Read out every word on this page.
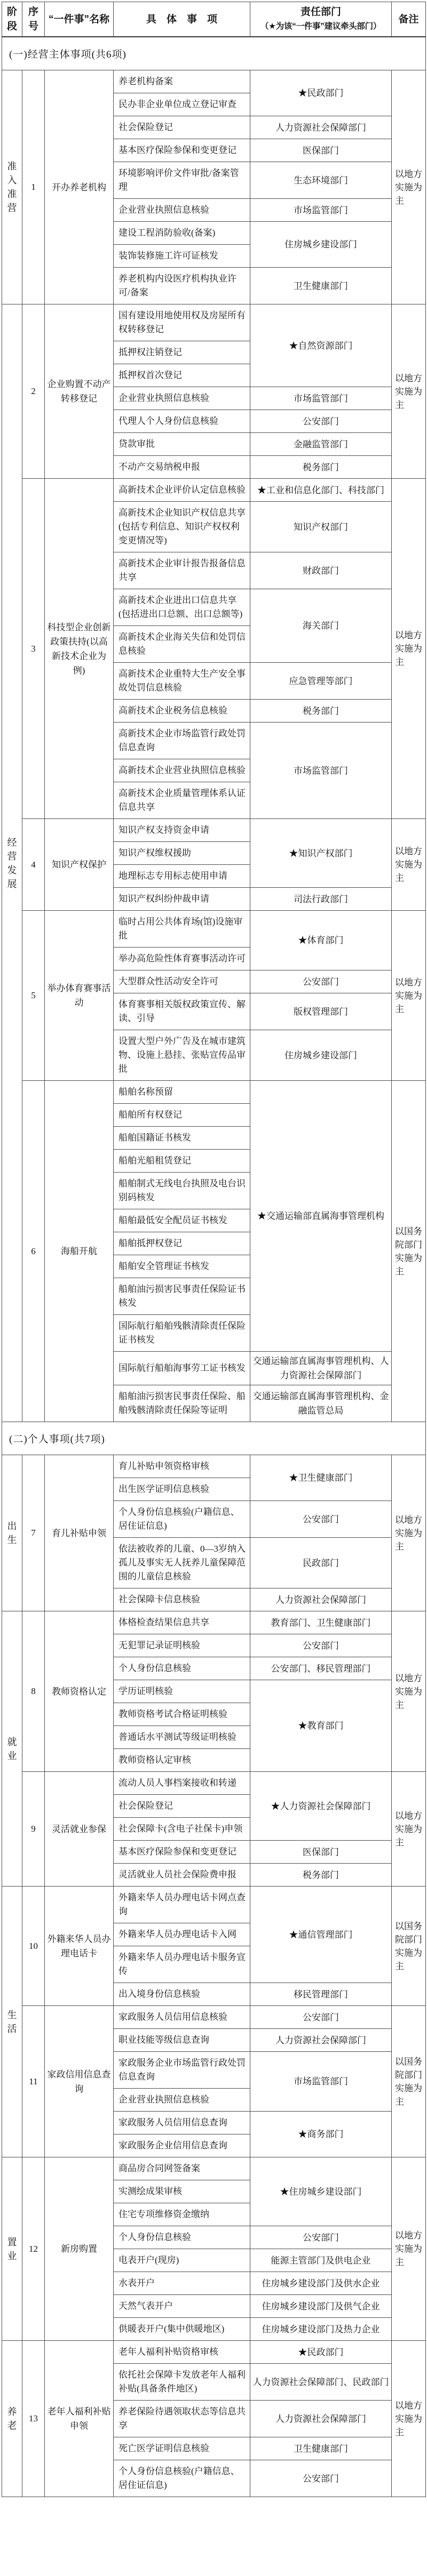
阶段	序号	“一件事”名称	具　体　事　项	责任部门
（★为该“一件事”建议牵头部门）	备注
(一)经营主体事项(共6项)					

准
入
准
营	1	开办养老机构	养老机构备案	★民政部门	以地方实施为主
			民办非企业单位成立登记审查		
			社会保险登记	人力资源社会保障部门	
			基本医疗保险参保和变更登记	医保部门	
			环境影响评价文件审批/备案管理	生态环境部门	
			企业营业执照信息核验	市场监管部门	
			建设工程消防验收(备案)	住房城乡建设部门	
			装饰装修施工许可证核发		
			养老机构内设医疗机构执业许可/备案	卫生健康部门	

经
营
发
展	2	企业购置不动产转移登记	国有建设用地使用权及房屋所有权转移登记	★自然资源部门	以地方实施为主
			抵押权注销登记		
			抵押权首次登记		
			企业营业执照信息核验	市场监管部门	
			代理人个人身份信息核验	公安部门	
			贷款审批	金融监管部门	
			不动产交易纳税申报	税务部门	
	3	科技型企业创新政策扶持(以高新技术企业为例)	高新技术企业评价认定信息核验	★工业和信息化部门、科技部门	以地方实施为主
			高新技术企业知识产权信息共享(包括专利信息、知识产权权利变更情况等)	知识产权部门	
			高新技术企业审计报告报备信息共享	财政部门	
			高新技术企业进出口信息共享(包括进出口总额、出口总额等)	海关部门	
			高新技术企业海关失信和处罚信息核验		
			高新技术企业重特大生产安全事故处罚信息核验	应急管理等部门	
			高新技术企业税务信息核验	税务部门	
			高新技术企业市场监管行政处罚信息查询	市场监管部门	
			高新技术企业营业执照信息核验		
			高新技术企业质量管理体系认证信息共享		
	4	知识产权保护	知识产权支持资金申请	★知识产权部门	以地方实施为主
			知识产权维权援助		
			地理标志专用标志使用申请		
			知识产权纠纷仲裁申请	司法行政部门	
	5	举办体育赛事活动	临时占用公共体育场(馆)设施审批	★体育部门	以地方实施为主
			举办高危险性体育赛事活动许可		
			大型群众性活动安全许可	公安部门	
			体育赛事相关版权政策宣传、解读、引导	版权管理部门	
			设置大型户外广告及在城市建筑物、设施上悬挂、张贴宣传品审批	住房城乡建设部门	
	6	海船开航	船舶名称预留	★交通运输部直属海事管理机构	以国务院部门实施为主
			船舶所有权登记		
			船舶国籍证书核发		
			船舶光船租赁登记		
			船舶制式无线电台执照及电台识别码核发		
			船舶最低安全配员证书核发		
			船舶抵押权登记		
			船舶安全管理证书核发		
			船舶油污损害民事责任保险证书核发		
			国际航行船舶残骸清除责任保险证书核发		
			国际航行船舶海事劳工证书核发	交通运输部直属海事管理机构、人力资源社会保障部门	
			船舶油污损害民事责任保险、船舶残骸清除责任保险等证明	交通运输部直属海事管理机构、金融监管总局	
(二)个人事项(共7项)					

出
生	7	育儿补贴申领	育儿补贴申领资格审核	★卫生健康部门	以地方实施为主
			出生医学证明信息核验		
			个人身份信息核验(户籍信息、居住证信息)	公安部门	
			依法被收养的儿童、0—3岁纳入孤儿及事实无人抚养儿童保障范围的儿童信息核验	民政部门	
			社会保障卡信息核验	人力资源社会保障部门	

就
业	8	教师资格认定	体格检查结果信息共享	教育部门、卫生健康部门	以地方实施为主
			无犯罪记录证明核验	公安部门	
			个人身份信息核验	公安部门、移民管理部门	
			学历证明核验	★教育部门	
			教师资格考试合格证明核验		
			普通话水平测试等级证明核验		
			教师资格认定审核		
	9	灵活就业参保	流动人员人事档案接收和转递	★人力资源社会保障部门	以地方实施为主
			社会保险登记		
			社会保障卡(含电子社保卡)申领		
			基本医疗保险参保和变更登记	医保部门	
			灵活就业人员社会保险费申报	税务部门	

生
活	10	外籍来华人员办理电话卡	外籍来华人员办理电话卡网点查询	★通信管理部门	以国务院部门实施为主
			外籍来华人员办理电话卡入网		
			外籍来华人员办理电话卡服务宣传		
			出入境身份信息核验	移民管理部门	
	11	家政信用信息查询	家政服务人员信用信息核验	公安部门	以国务院部门实施为主
			职业技能等级信息查询	人力资源社会保障部门	
			家政服务企业市场监管行政处罚信息查询	市场监管部门	
			企业营业执照信息核验		
			家政服务人员信用信息查询	★商务部门	
			家政服务企业信用信息查询		

置
业	12	新房购置	商品房合同网签备案	★住房城乡建设部门	以地方实施为主
			实测绘成果审核		
			住宅专项维修资金缴纳		
			个人身份信息核验	公安部门	
			电表开户(现房)	能源主管部门及供电企业	
			水表开户	住房城乡建设部门及供水企业	
			天然气表开户	住房城乡建设部门及供气企业	
			供暖表开户(集中供暖地区)	住房城乡建设部门及热力企业	

养
老	13	老年人福利补贴申领	老年人福利补贴资格审核	★民政部门	以地方实施为主
			依托社会保障卡发放老年人福利补贴(具备条件地区)	人力资源社会保障部门、民政部门	
			养老保险待遇领取状态等信息共享	人力资源社会保障部门	
			死亡医学证明信息核验	卫生健康部门	
			个人身份信息核验(户籍信息、居住证信息)	公安部门	
